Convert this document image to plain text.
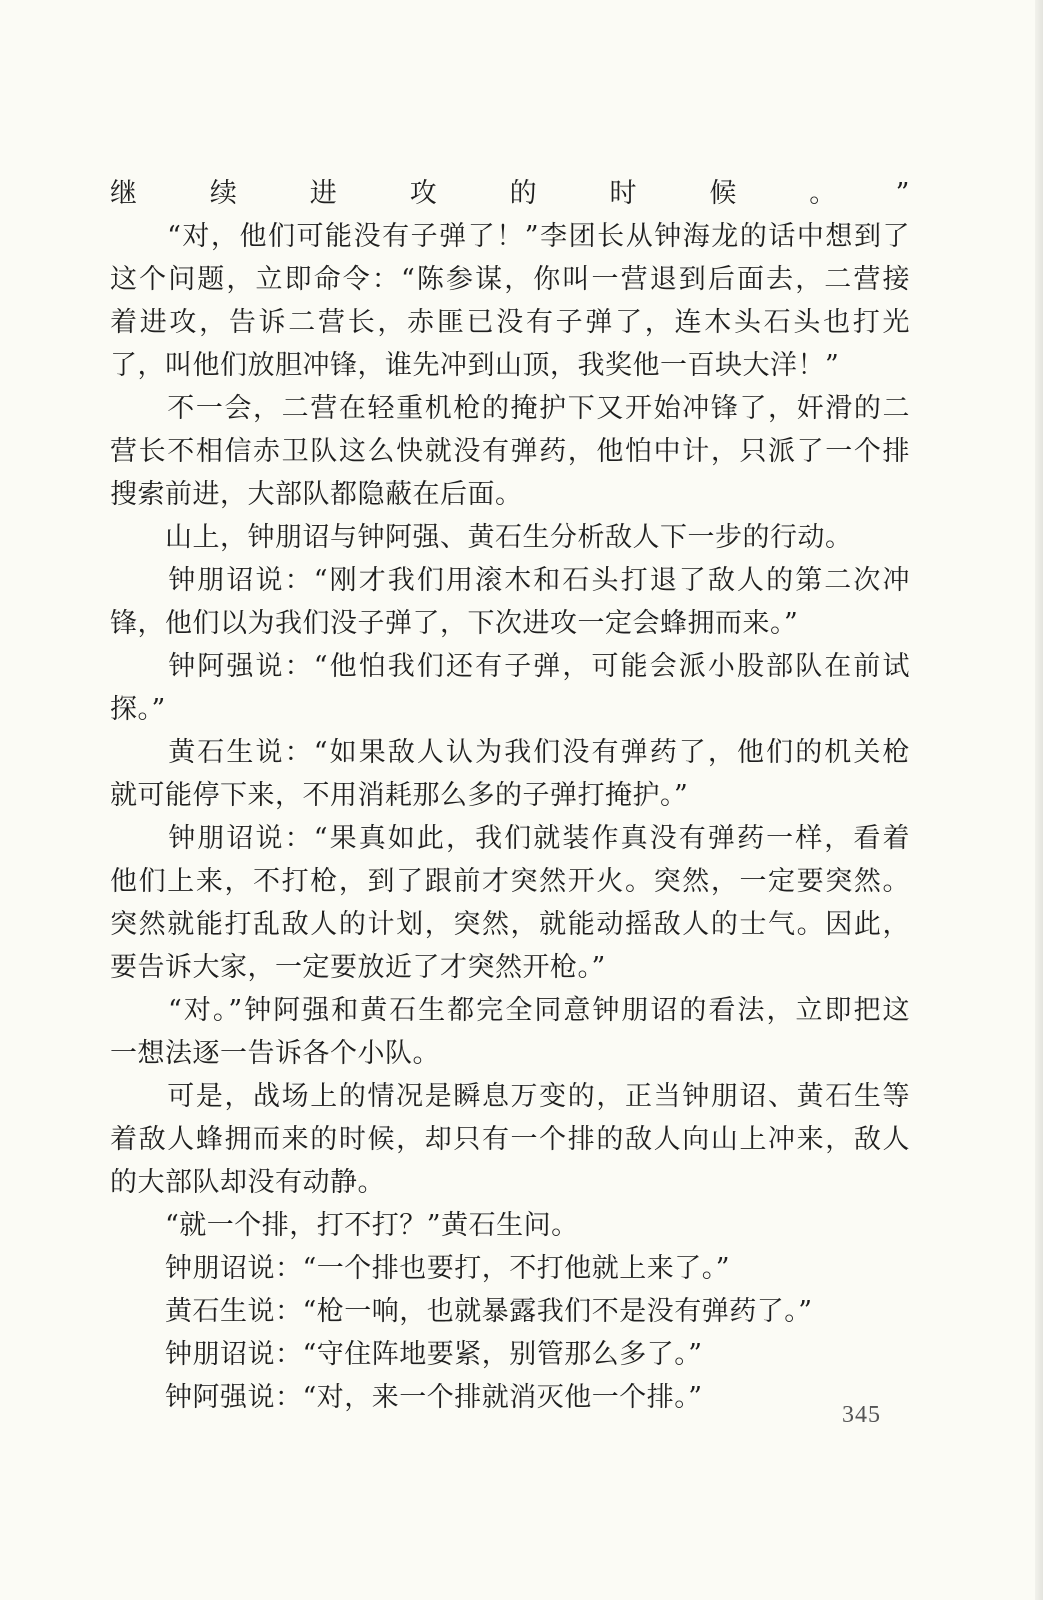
继续进攻的时候。”
　　“对，他们可能没有子弹了！”李团长从钟海龙的话中想到了
这个问题，立即命令：“陈参谋，你叫一营退到后面去，二营接
着进攻，告诉二营长，赤匪已没有子弹了，连木头石头也打光
了，叫他们放胆冲锋，谁先冲到山顶，我奖他一百块大洋！”
　　不一会，二营在轻重机枪的掩护下又开始冲锋了，奸滑的二
营长不相信赤卫队这么快就没有弹药，他怕中计，只派了一个排
搜索前进，大部队都隐蔽在后面。
　　山上，钟朋诏与钟阿强、黄石生分析敌人下一步的行动。
　　钟朋诏说：“刚才我们用滚木和石头打退了敌人的第二次冲
锋，他们以为我们没子弹了，下次进攻一定会蜂拥而来。”
　　钟阿强说：“他怕我们还有子弹，可能会派小股部队在前试
探。”
　　黄石生说：“如果敌人认为我们没有弹药了，他们的机关枪
就可能停下来，不用消耗那么多的子弹打掩护。”
　　钟朋诏说：“果真如此，我们就装作真没有弹药一样，看着
他们上来，不打枪，到了跟前才突然开火。突然，一定要突然。
突然就能打乱敌人的计划，突然，就能动摇敌人的士气。因此，
要告诉大家，一定要放近了才突然开枪。”
　　“对。”钟阿强和黄石生都完全同意钟朋诏的看法，立即把这
一想法逐一告诉各个小队。
　　可是，战场上的情况是瞬息万变的，正当钟朋诏、黄石生等
着敌人蜂拥而来的时候，却只有一个排的敌人向山上冲来，敌人
的大部队却没有动静。
　　“就一个排，打不打？”黄石生问。
　　钟朋诏说：“一个排也要打，不打他就上来了。”
　　黄石生说：“枪一响，也就暴露我们不是没有弹药了。”
　　钟朋诏说：“守住阵地要紧，别管那么多了。”
　　钟阿强说：“对，来一个排就消灭他一个排。”
345
